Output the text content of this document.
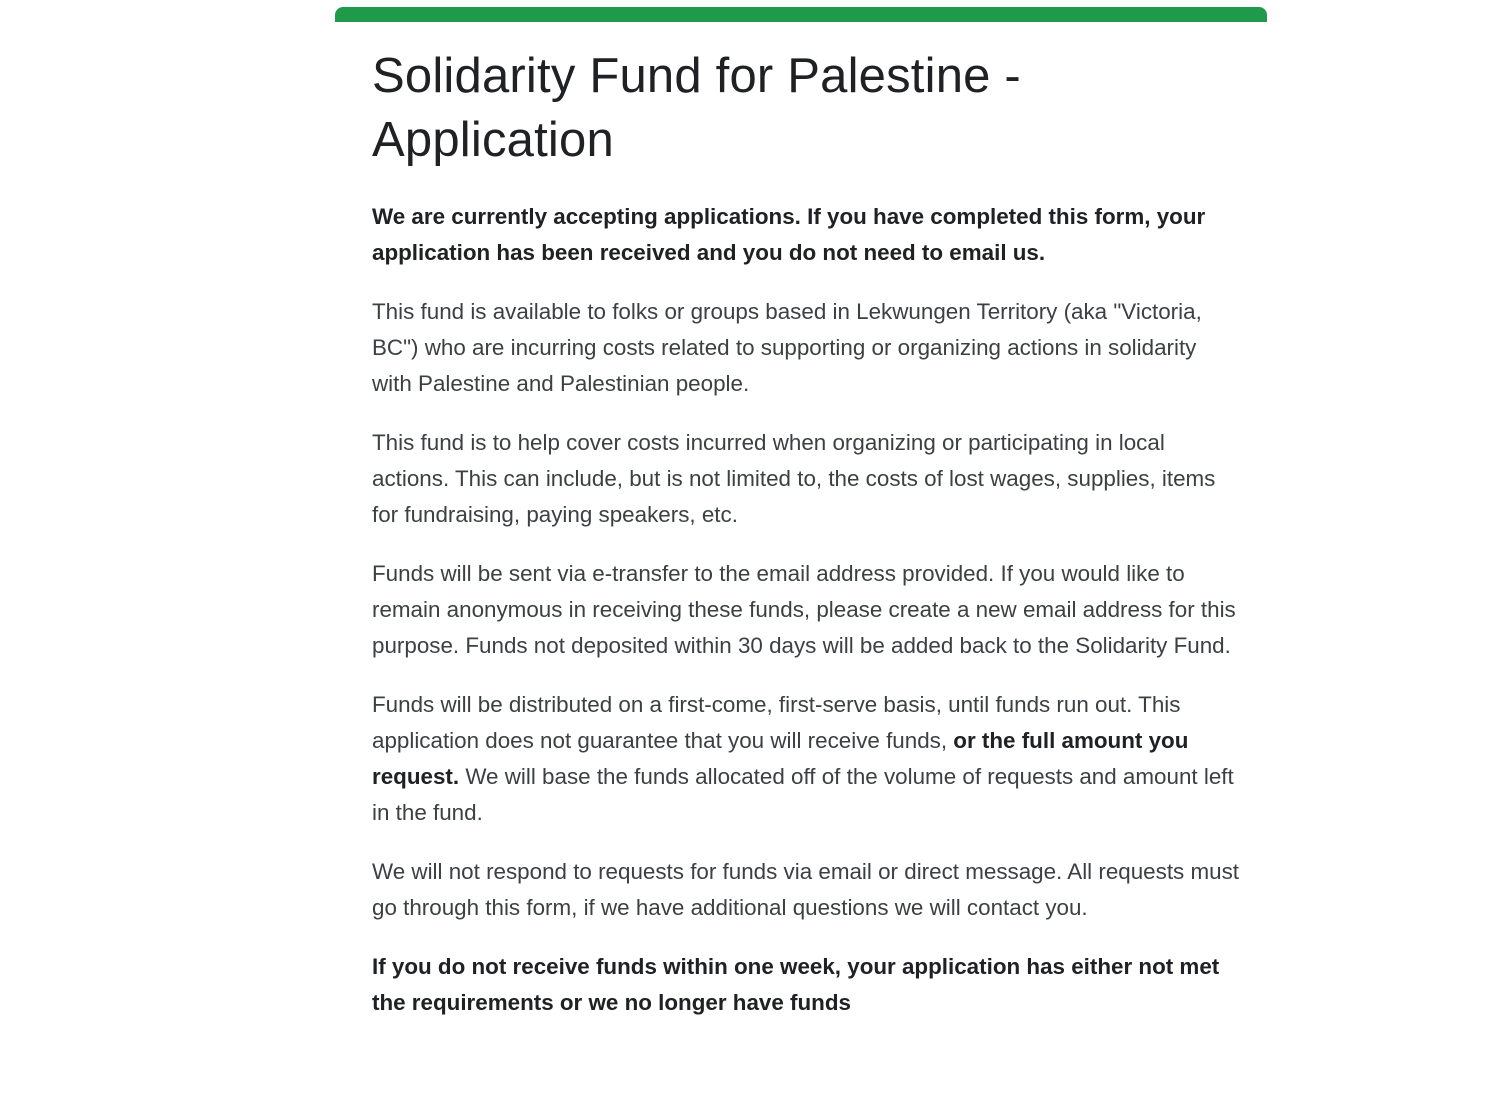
Solidarity Fund for Palestine - Application

We are currently accepting applications. If you have completed this form, your application has been received and you do not need to email us.

This fund is available to folks or groups based in Lekwungen Territory (aka "Victoria, BC") who are incurring costs related to supporting or organizing actions in solidarity with Palestine and Palestinian people.

This fund is to help cover costs incurred when organizing or participating in local actions. This can include, but is not limited to, the costs of lost wages, supplies, items for fundraising, paying speakers, etc.

Funds will be sent via e-transfer to the email address provided. If you would like to remain anonymous in receiving these funds, please create a new email address for this purpose. Funds not deposited within 30 days will be added back to the Solidarity Fund.

Funds will be distributed on a first-come, first-serve basis, until funds run out. This application does not guarantee that you will receive funds, or the full amount you request. We will base the funds allocated off of the volume of requests and amount left in the fund.

We will not respond to requests for funds via email or direct message. All requests must go through this form, if we have additional questions we will contact you.

If you do not receive funds within one week, your application has either not met the requirements or we no longer have funds
